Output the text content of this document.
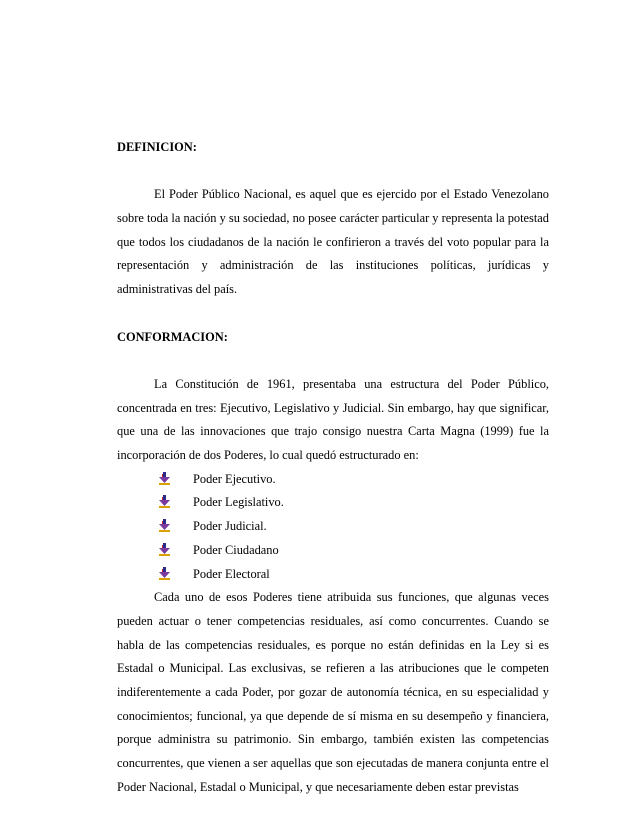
DEFINICION:

El Poder Público Nacional, es aquel que es ejercido por el Estado Venezolano sobre toda la nación y su sociedad, no posee carácter particular y representa la potestad que todos los ciudadanos de la nación le confirieron a través del voto popular para la representación y administración de las instituciones políticas, jurídicas y administrativas del país.

CONFORMACION:

La Constitución de 1961, presentaba una estructura del Poder Público, concentrada en tres: Ejecutivo, Legislativo y Judicial. Sin embargo, hay que significar, que una de las innovaciones que trajo consigo nuestra Carta Magna (1999) fue la incorporación de dos Poderes, lo cual quedó estructurado en:

Poder Ejecutivo.
Poder Legislativo.
Poder Judicial.
Poder Ciudadano
Poder Electoral

Cada uno de esos Poderes tiene atribuida sus funciones, que algunas veces pueden actuar o tener competencias residuales, así como concurrentes. Cuando se habla de las competencias residuales, es porque no están definidas en la Ley si es Estadal o Municipal. Las exclusivas, se refieren a las atribuciones que le competen indiferentemente a cada Poder, por gozar de autonomía técnica, en su especialidad y conocimientos; funcional, ya que depende de sí misma en su desempeño y financiera, porque administra su patrimonio. Sin embargo, también existen las competencias concurrentes, que vienen a ser aquellas que son ejecutadas de manera conjunta entre el Poder Nacional, Estadal o Municipal, y que necesariamente deben estar previstas
